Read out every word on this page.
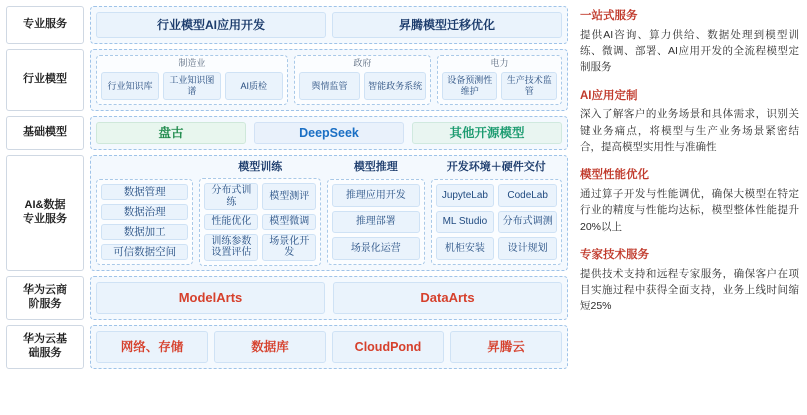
专业服务	行业模型AI应用开发	昇腾模型迁移优化
行业模型
制造业
行业知识库
工业知识图谱
AI质检
政府
舆情监管	智能政务系统
电力
设备预测性维护
生产技术监管
基础模型	盘古	DeepSeek	其他开源模型
AI&数据
专业服务
数据管理
数据治理
数据加工
可信数据空间
模型训练
分布式训练
模型测评
性能优化	模型微调
训练参数设置评估
场景化开发
模型推理
推理应用开发
推理部署
场景化运营
开发环境＋硬件交付
JupyteLab	CodeLab
ML Studio	分布式调测
机柜安装	设计规划
华为云商
阶服务	ModelArts	DataArts
华为云基
础服务	网络、存储	数据库	CloudPond	昇腾云
一站式服务
提供AI咨询、算力供给、数据处理到模型训练、微调、部署、AI应用开发的全流程模型定制服务
AI应用定制
深入了解客户的业务场景和具体需求，识别关键业务痛点，将模型与生产业务场景紧密结合，提高模型实用性与准确性
模型性能优化
通过算子开发与性能调优，确保大模型在特定行业的精度与性能均达标，模型整体性能提升20%以上
专家技术服务
提供技术支持和远程专家服务，确保客户在项目实施过程中获得全面支持，业务上线时间缩短25%
